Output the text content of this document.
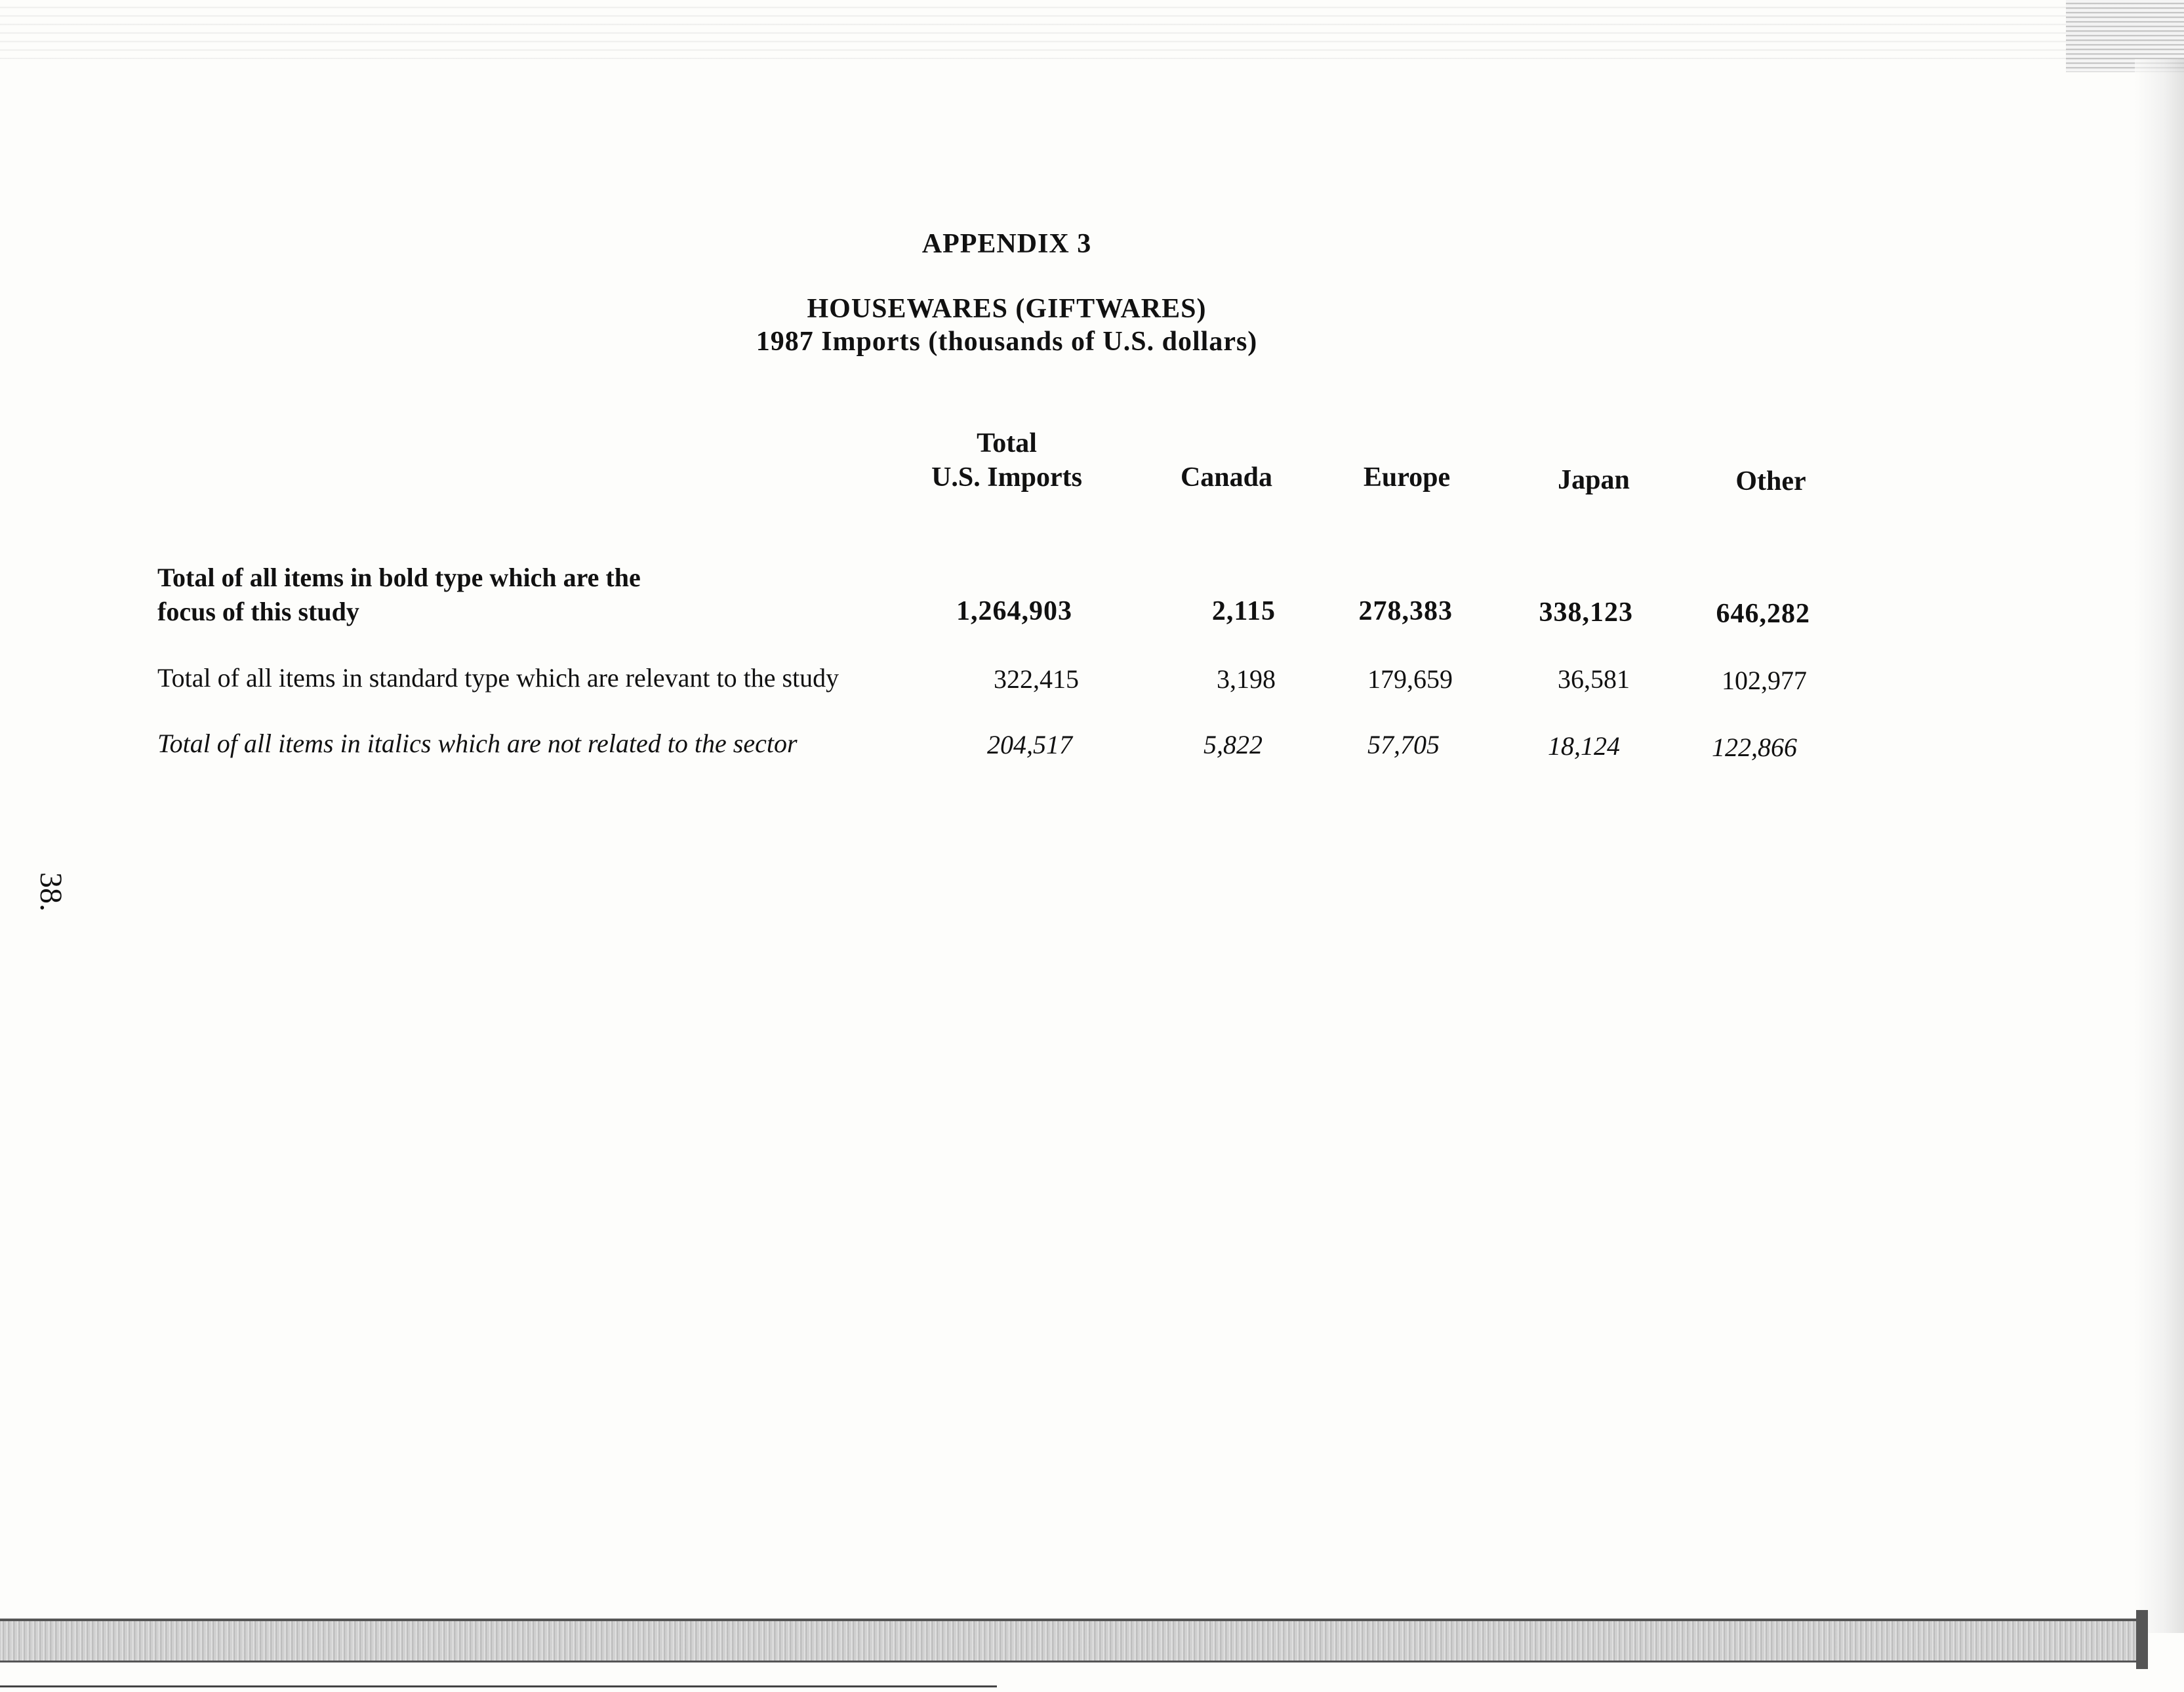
38.
APPENDIX 3
HOUSEWARES (GIFTWARES)
1987 Imports (thousands of U.S. dollars)
Total
U.S. Imports	Canada	Europe	Japan	Other
Total of all items in bold type which are the
focus of this study	1,264,903	2,115	278,383	338,123	646,282
Total of all items in standard type which are relevant to the study	322,415	3,198	179,659	36,581	102,977
Total of all items in italics which are not related to the sector	204,517	5,822	57,705	18,124	122,866
